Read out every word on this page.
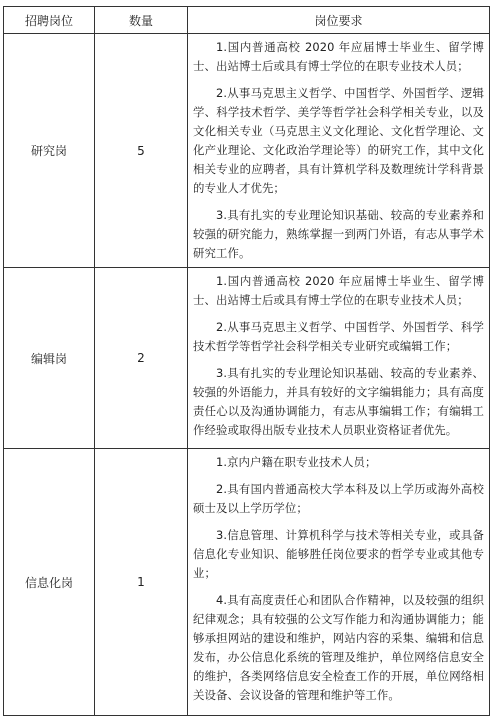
招聘岗位	数量	岗位要求
研究岗	5	1.国内普通高校 2020 年应届博士毕业生、留学博士、出站博士后或具有博士学位的在职专业技术人员；

2.从事马克思主义哲学、中国哲学、外国哲学、逻辑学、科学技术哲学、美学等哲学社会科学相关专业，以及文化相关专业（马克思主义文化理论、文化哲学理论、文化产业理论、文化政治学理论等）的研究工作，其中文化相关专业的应聘者，具有计算机学科及数理统计学科背景的专业人才优先；

3.具有扎实的专业理论知识基础、较高的专业素养和较强的研究能力，熟练掌握一到两门外语，有志从事学术研究工作。

编辑岗	2	1.国内普通高校 2020 年应届博士毕业生、留学博士、出站博士后或具有博士学位的在职专业技术人员；

2.从事马克思主义哲学、中国哲学、外国哲学、科学技术哲学等哲学社会科学相关专业研究或编辑工作；

3.具有扎实的专业理论知识基础、较高的专业素养、较强的外语能力，并具有较好的文字编辑能力；具有高度责任心以及沟通协调能力，有志从事编辑工作；有编辑工作经验或取得出版专业技术人员职业资格证者优先。

信息化岗	1	1.京内户籍在职专业技术人员；

2.具有国内普通高校大学本科及以上学历或海外高校硕士及以上学历学位；

3.信息管理、计算机科学与技术等相关专业，或具备信息化专业知识、能够胜任岗位要求的哲学专业或其他专业；

4.具有高度责任心和团队合作精神，以及较强的组织纪律观念；具有较强的公文写作能力和沟通协调能力；能够承担网站的建设和维护，网站内容的采集、编辑和信息发布，办公信息化系统的管理及维护，单位网络信息安全的维护，各类网络信息安全检查工作的开展，单位网络相关设备、会议设备的管理和维护等工作。
